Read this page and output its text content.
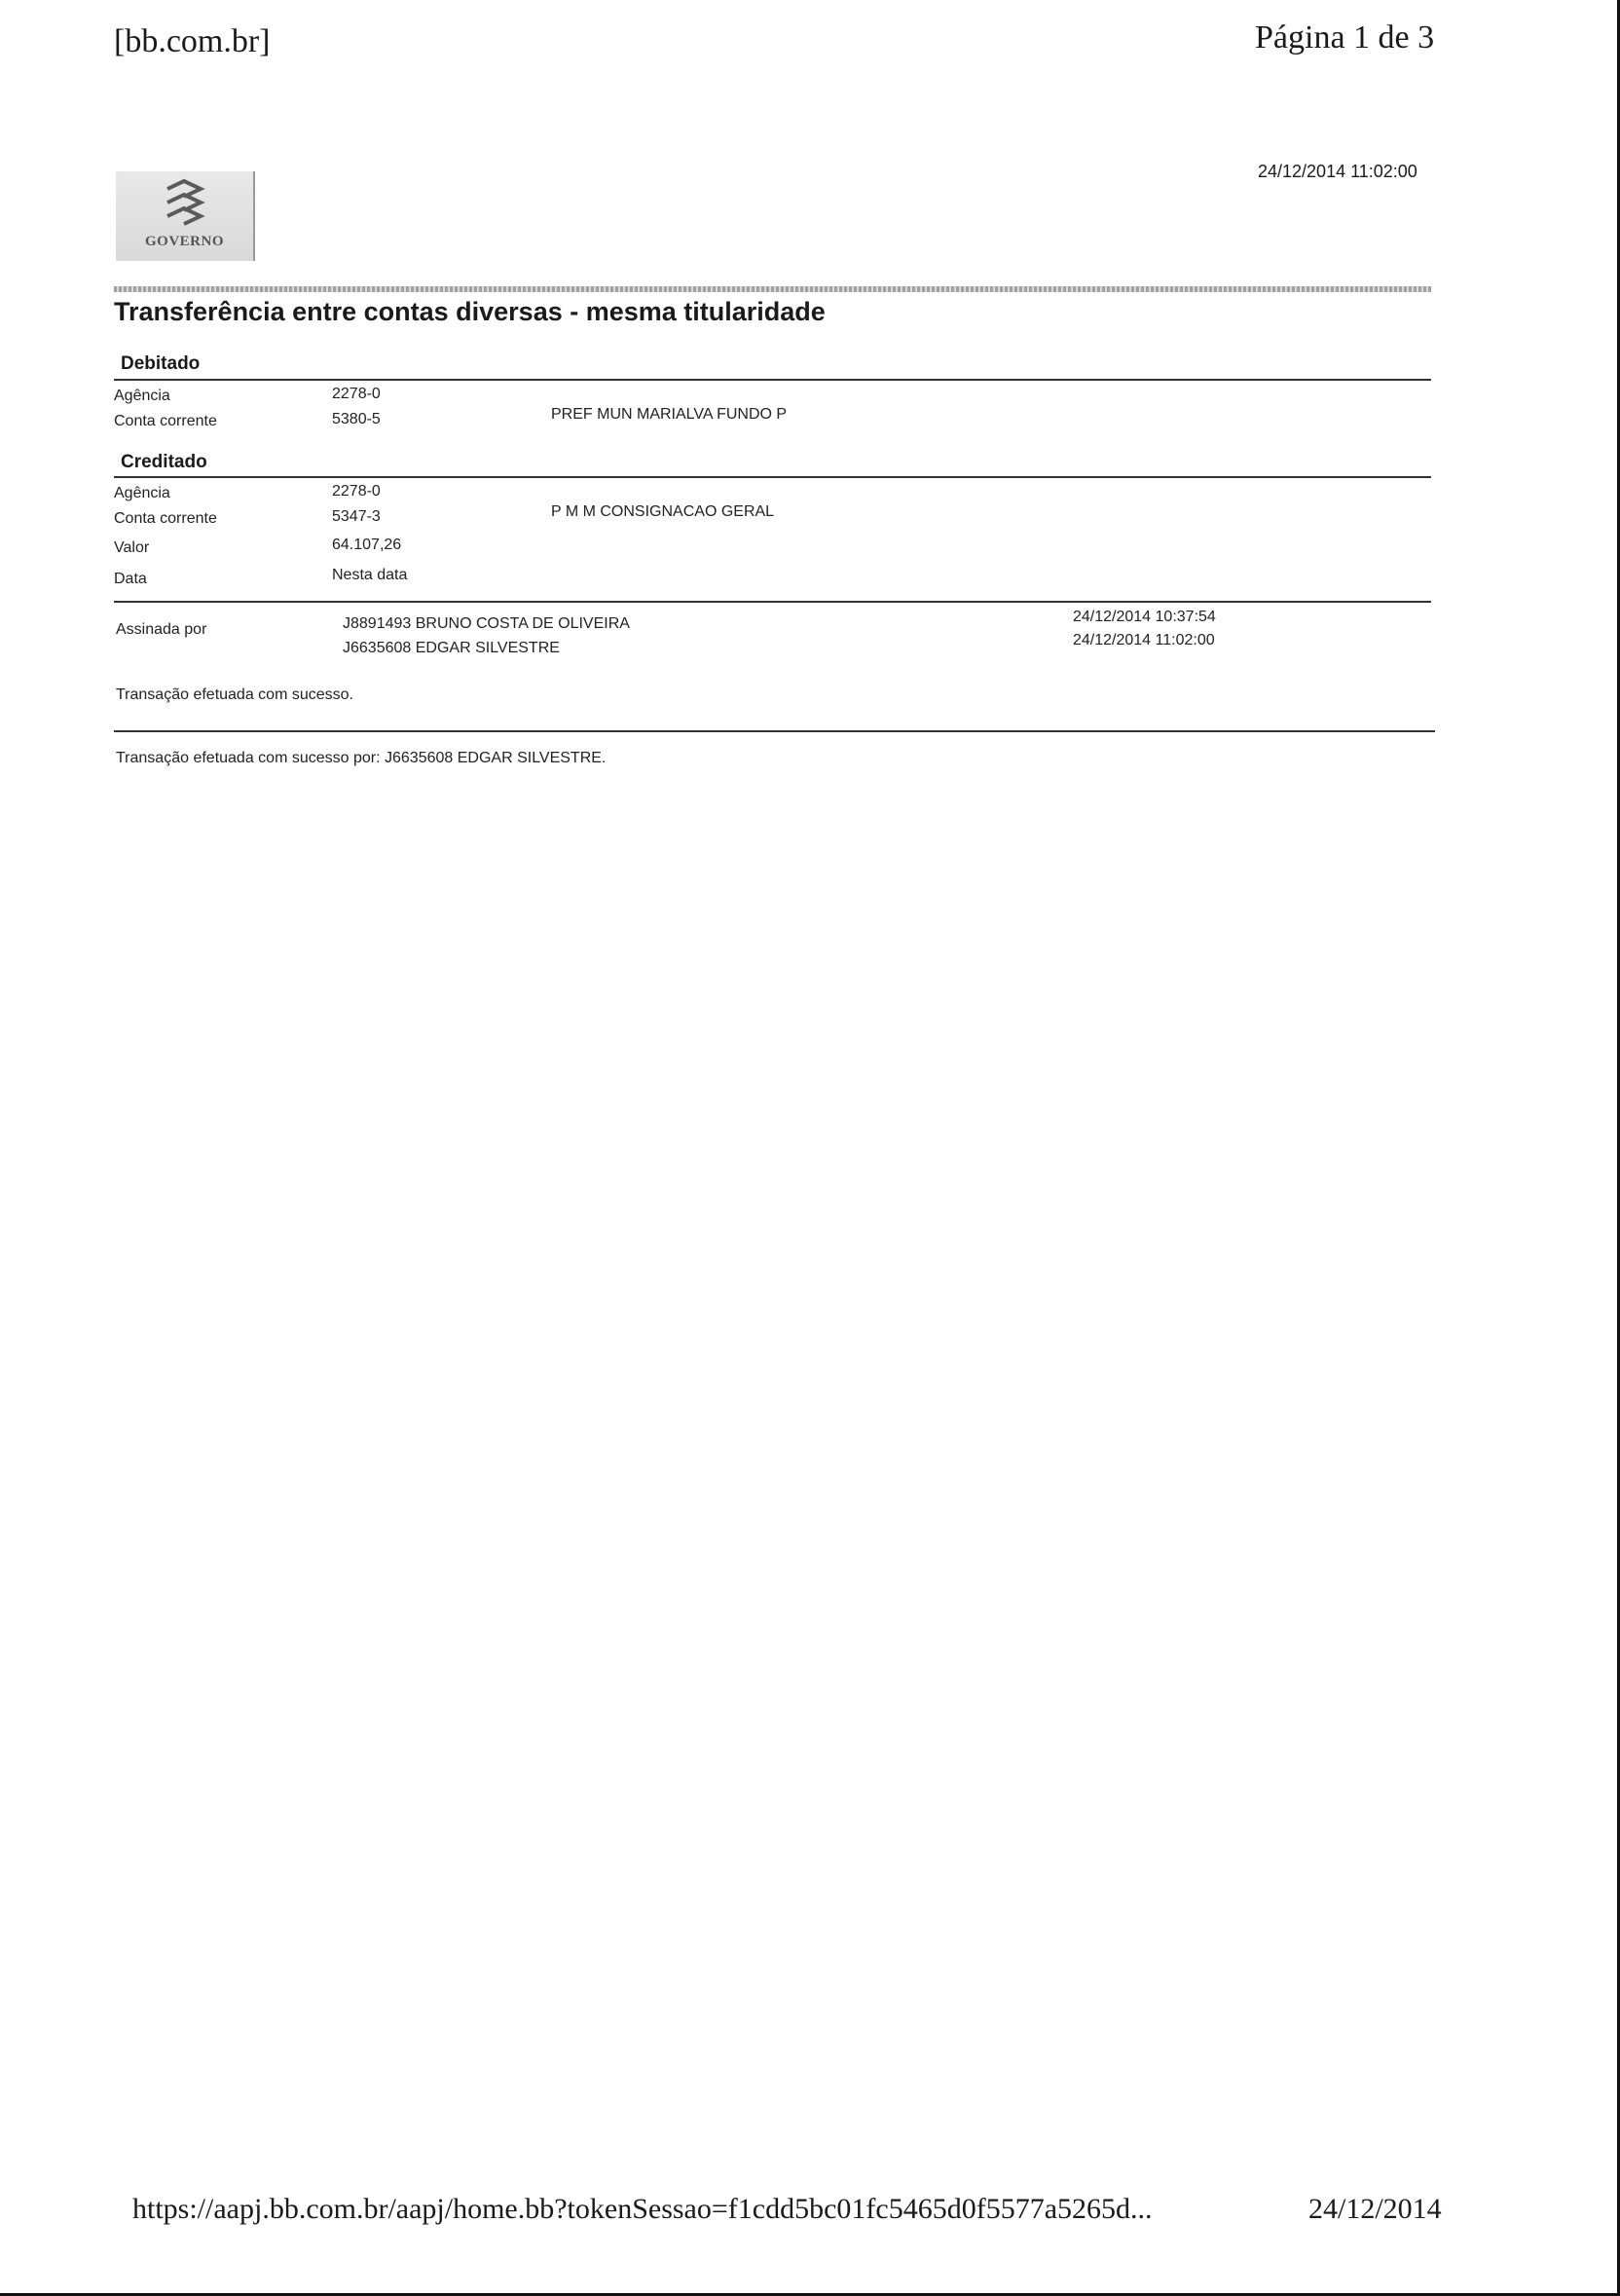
[bb.com.br]	Página 1 de 3
24/12/2014 11:02:00
GOVERNO
Transferência entre contas diversas - mesma titularidade
Debitado
Agência	2278-0
Conta corrente	5380-5	PREF MUN MARIALVA FUNDO P
Creditado
Agência	2278-0
Conta corrente	5347-3	P M M CONSIGNACAO GERAL
Valor	64.107,26
Data	Nesta data
Assinada por	J8891493 BRUNO COSTA DE OLIVEIRA	24/12/2014 10:37:54
J6635608 EDGAR SILVESTRE	24/12/2014 11:02:00
Transação efetuada com sucesso.
Transação efetuada com sucesso por: J6635608 EDGAR SILVESTRE.
https://aapj.bb.com.br/aapj/home.bb?tokenSessao=f1cdd5bc01fc5465d0f5577a5265d...	24/12/2014
